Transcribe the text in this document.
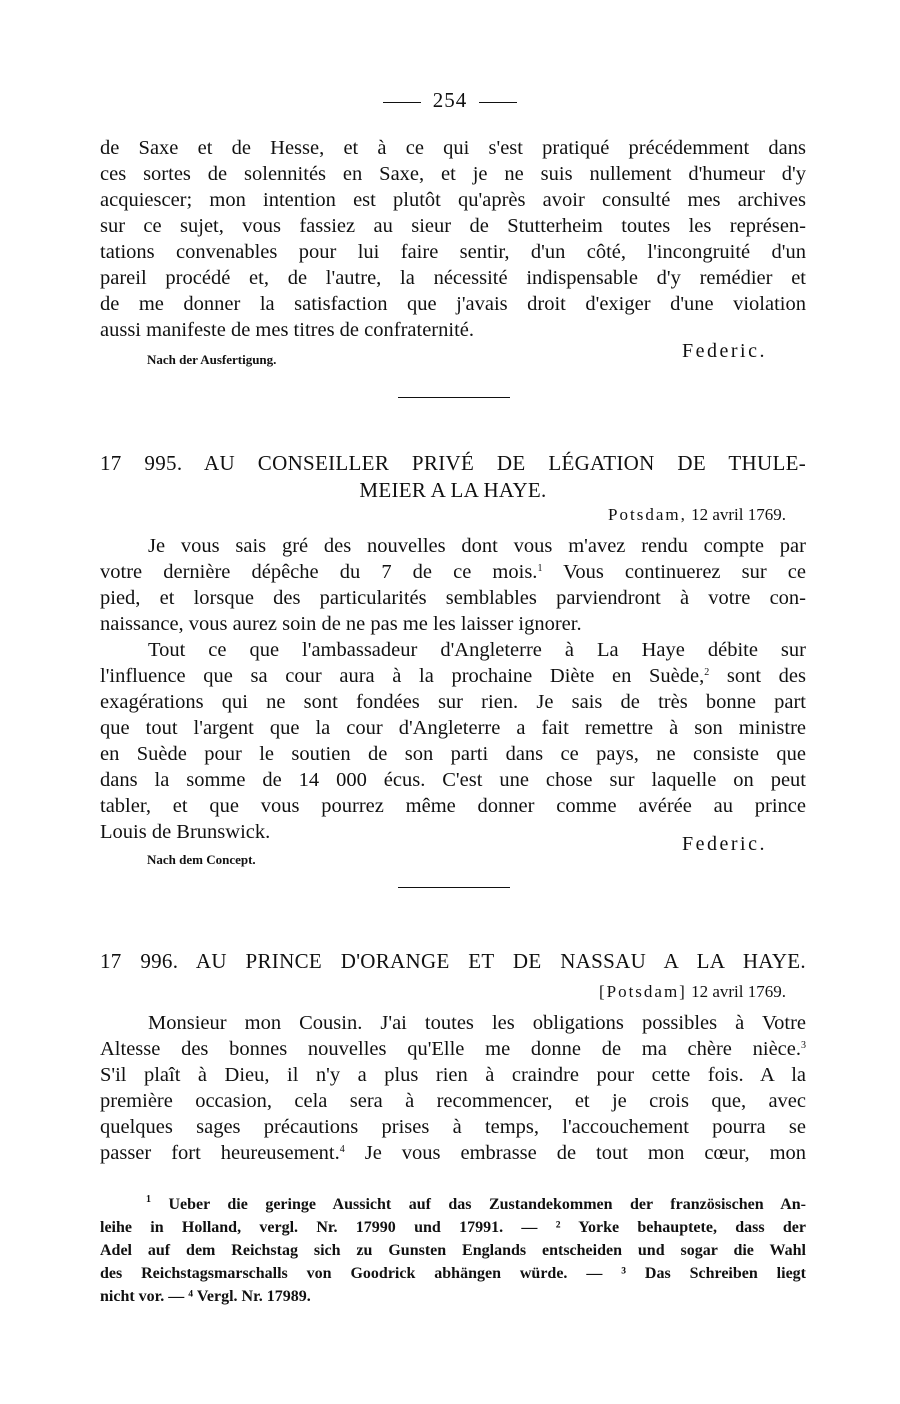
254
de Saxe et de Hesse, et à ce qui s'est pratiqué précédemment dans
ces sortes de solennités en Saxe, et je ne suis nullement d'humeur d'y
acquiescer; mon intention est plutôt qu'après avoir consulté mes archives
sur ce sujet, vous fassiez au sieur de Stutterheim toutes les représen-
tations convenables pour lui faire sentir, d'un côté, l'incongruité d'un
pareil procédé et, de l'autre, la nécessité indispensable d'y remédier et
de me donner la satisfaction que j'avais droit d'exiger d'une violation
aussi manifeste de mes titres de confraternité.
Nach der Ausfertigung.	Federic.
17 995. AU CONSEILLER PRIVÉ DE LÉGATION DE THULE-
MEIER A LA HAYE.
Potsdam, 12 avril 1769.
Je vous sais gré des nouvelles dont vous m'avez rendu compte par
votre dernière dépêche du 7 de ce mois.$^1$ Vous continuerez sur ce
pied, et lorsque des particularités semblables parviendront à votre con-
naissance, vous aurez soin de ne pas me les laisser ignorer.
Tout ce que l'ambassadeur d'Angleterre à La Haye débite sur
l'influence que sa cour aura à la prochaine Diète en Suède,$^2$ sont des
exagérations qui ne sont fondées sur rien. Je sais de très bonne part
que tout l'argent que la cour d'Angleterre a fait remettre à son ministre
en Suède pour le soutien de son parti dans ce pays, ne consiste que
dans la somme de 14 000 écus. C'est une chose sur laquelle on peut
tabler, et que vous pourrez même donner comme avérée au prince
Louis de Brunswick.
Nach dem Concept.
Federic.
17 996. AU PRINCE D'ORANGE ET DE NASSAU A LA HAYE.
[Potsdam] 12 avril 1769.
Monsieur mon Cousin. J'ai toutes les obligations possibles à Votre
Altesse des bonnes nouvelles qu'Elle me donne de ma chère nièce.$^3$
S'il plaît à Dieu, il n'y a plus rien à craindre pour cette fois. A la
première occasion, cela sera à recommencer, et je crois que, avec
quelques sages précautions prises à temps, l'accouchement pourra se
passer fort heureusement.$^4$ Je vous embrasse de tout mon cœur, mon
$^1$ Ueber die geringe Aussicht auf das Zustandekommen der französischen An-
leihe in Holland, vergl. Nr. 17990 und 17991. — ² Yorke behauptete, dass der
Adel auf dem Reichstag sich zu Gunsten Englands entscheiden und sogar die Wahl
des Reichstagsmarschalls von Goodrick abhängen würde. — ³ Das Schreiben liegt
nicht vor. — ⁴ Vergl. Nr. 17989.
